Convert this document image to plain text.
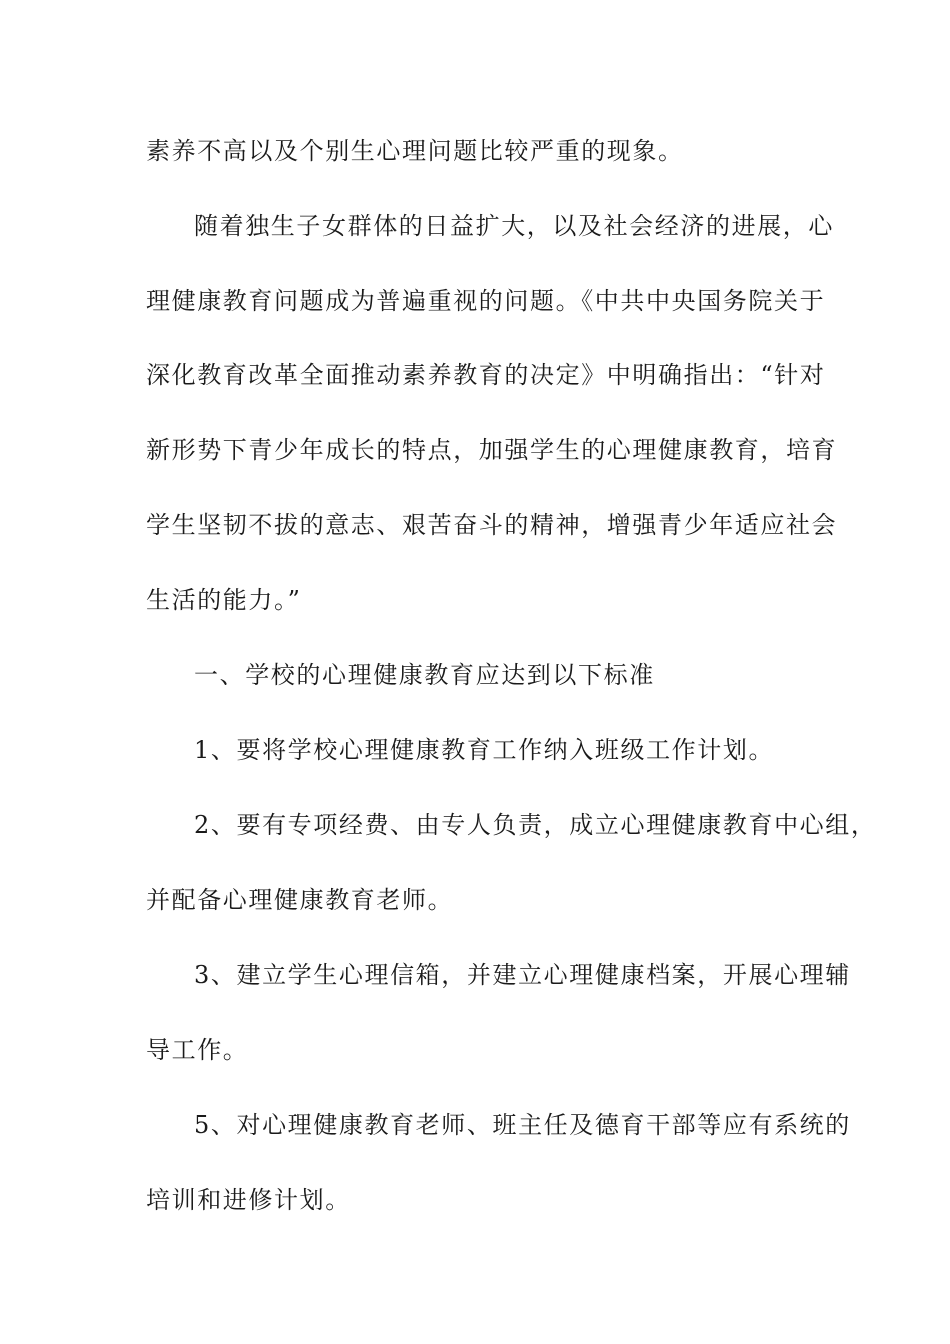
素养不高以及个别生心理问题比较严重的现象。
随着独生子女群体的日益扩大，以及社会经济的进展，心
理健康教育问题成为普遍重视的问题。《中共中央国务院关于
深化教育改革全面推动素养教育的决定》中明确指出：“针对
新形势下青少年成长的特点，加强学生的心理健康教育，培育
学生坚韧不拔的意志、艰苦奋斗的精神，增强青少年适应社会
生活的能力。”
一、学校的心理健康教育应达到以下标准
1、要将学校心理健康教育工作纳入班级工作计划。
2、要有专项经费、由专人负责，成立心理健康教育中心组，
并配备心理健康教育老师。
3、建立学生心理信箱，并建立心理健康档案，开展心理辅
导工作。
5、对心理健康教育老师、班主任及德育干部等应有系统的
培训和进修计划。
